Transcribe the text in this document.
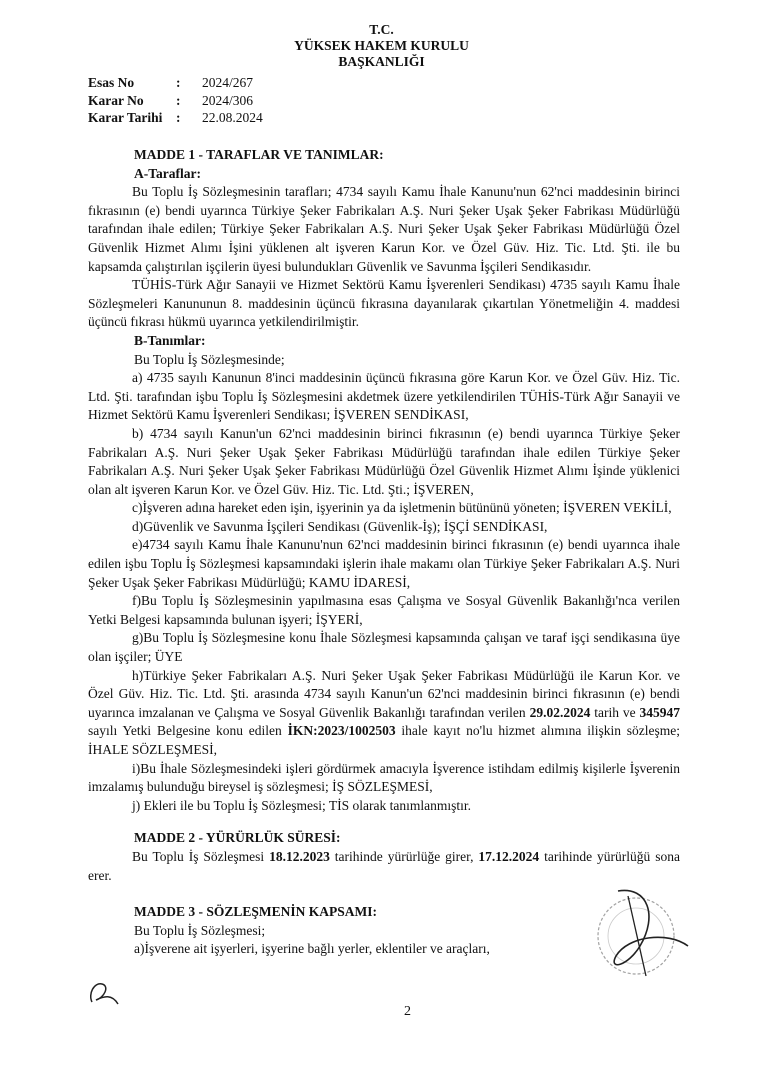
T.C.
YÜKSEK HAKEM KURULU
BAŞKANLIĞI
Esas No	:	2024/267
Karar No	:	2024/306
Karar Tarihi	:	22.08.2024

MADDE 1 - TARAFLAR VE TANIMLAR:

A-Taraflar:

Bu Toplu İş Sözleşmesinin tarafları; 4734 sayılı Kamu İhale Kanunu'nun 62'nci maddesinin birinci fıkrasının (e) bendi uyarınca Türkiye Şeker Fabrikaları A.Ş. Nuri Şeker Uşak Şeker Fabrikası Müdürlüğü tarafından ihale edilen; Türkiye Şeker Fabrikaları A.Ş. Nuri Şeker Uşak Şeker Fabrikası Müdürlüğü Özel Güvenlik Hizmet Alımı İşini yüklenen alt işveren Karun Kor. ve Özel Güv. Hiz. Tic. Ltd. Şti. ile bu kapsamda çalıştırılan işçilerin üyesi bulundukları Güvenlik ve Savunma İşçileri Sendikasıdır.

TÜHİS-Türk Ağır Sanayii ve Hizmet Sektörü Kamu İşverenleri Sendikası) 4735 sayılı Kamu İhale Sözleşmeleri Kanununun 8. maddesinin üçüncü fıkrasına dayanılarak çıkartılan Yönetmeliğin 4. maddesi üçüncü fıkrası hükmü uyarınca yetkilendirilmiştir.

B-Tanımlar:

Bu Toplu İş Sözleşmesinde;

a) 4735 sayılı Kanunun 8'inci maddesinin üçüncü fıkrasına göre Karun Kor. ve Özel Güv. Hiz. Tic. Ltd. Şti. tarafından işbu Toplu İş Sözleşmesini akdetmek üzere yetkilendirilen TÜHİS-Türk Ağır Sanayii ve Hizmet Sektörü Kamu İşverenleri Sendikası; İŞVEREN SENDİKASI,

b) 4734 sayılı Kanun'un 62'nci maddesinin birinci fıkrasının (e) bendi uyarınca Türkiye Şeker Fabrikaları A.Ş. Nuri Şeker Uşak Şeker Fabrikası Müdürlüğü tarafından ihale edilen Türkiye Şeker Fabrikaları A.Ş. Nuri Şeker Uşak Şeker Fabrikası Müdürlüğü Özel Güvenlik Hizmet Alımı İşinde yüklenici olan alt işveren Karun Kor. ve Özel Güv. Hiz. Tic. Ltd. Şti.; İŞVEREN,

c)İşveren adına hareket eden işin, işyerinin ya da işletmenin bütününü yöneten; İŞVEREN VEKİLİ,

d)Güvenlik ve Savunma İşçileri Sendikası (Güvenlik-İş); İŞÇİ SENDİKASI,

e)4734 sayılı Kamu İhale Kanunu'nun 62'nci maddesinin birinci fıkrasının (e) bendi uyarınca ihale edilen işbu Toplu İş Sözleşmesi kapsamındaki işlerin ihale makamı olan Türkiye Şeker Fabrikaları A.Ş. Nuri Şeker Uşak Şeker Fabrikası Müdürlüğü; KAMU İDARESİ,

f)Bu Toplu İş Sözleşmesinin yapılmasına esas Çalışma ve Sosyal Güvenlik Bakanlığı'nca verilen Yetki Belgesi kapsamında bulunan işyeri; İŞYERİ,

g)Bu Toplu İş Sözleşmesine konu İhale Sözleşmesi kapsamında çalışan ve taraf işçi sendikasına üye olan işçiler; ÜYE

h)Türkiye Şeker Fabrikaları A.Ş. Nuri Şeker Uşak Şeker Fabrikası Müdürlüğü ile Karun Kor. ve Özel Güv. Hiz. Tic. Ltd. Şti. arasında 4734 sayılı Kanun'un 62'nci maddesinin birinci fıkrasının (e) bendi uyarınca imzalanan ve Çalışma ve Sosyal Güvenlik Bakanlığı tarafından verilen 29.02.2024 tarih ve 345947 sayılı Yetki Belgesine konu edilen İKN:2023/1002503 ihale kayıt no'lu hizmet alımına ilişkin sözleşme; İHALE SÖZLEŞMESİ,

i)Bu İhale Sözleşmesindeki işleri gördürmek amacıyla İşverence istihdam edilmiş kişilerle İşverenin imzalamış bulunduğu bireysel iş sözleşmesi; İŞ SÖZLEŞMESİ,

j) Ekleri ile bu Toplu İş Sözleşmesi; TİS olarak tanımlanmıştır.

MADDE 2 - YÜRÜRLÜK SÜRESİ:

Bu Toplu İş Sözleşmesi 18.12.2023 tarihinde yürürlüğe girer, 17.12.2024 tarihinde yürürlüğü sona erer.

MADDE 3 - SÖZLEŞMENİN KAPSAMI:

Bu Toplu İş Sözleşmesi;

a)İşverene ait işyerleri, işyerine bağlı yerler, eklentiler ve araçları,

2
